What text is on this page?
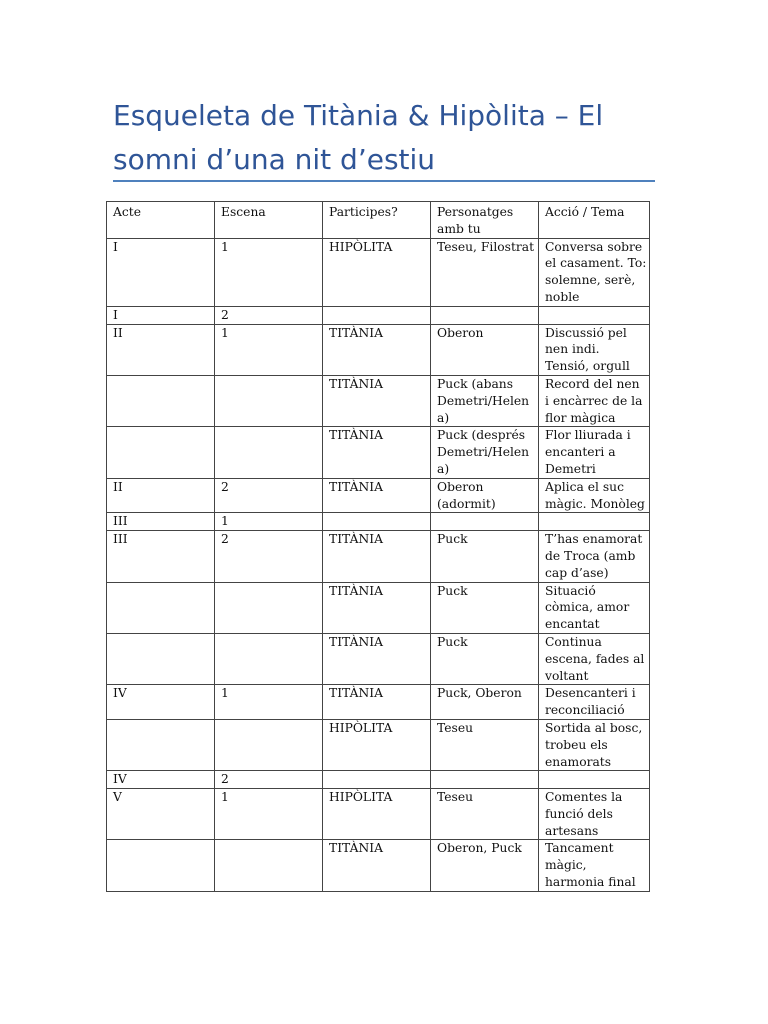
Esqueleta de Titània & Hipòlita – El somni d’una nit d’estiu
Acte	Escena	Participes?	Personatges amb tu	Acció / Tema
I	1	HIPÒLITA	Teseu, Filostrat	Conversa sobre el casament. To: solemne, serè, noble
I	2			
II	1	TITÀNIA	Oberon	Discussió pel nen indi. Tensió, orgull
		TITÀNIA	Puck (abans Demetri/Helena)	Record del nen i encàrrec de la flor màgica
		TITÀNIA	Puck (després Demetri/Helena)	Flor lliurada i encanteri a Demetri
II	2	TITÀNIA	Oberon (adormit)	Aplica el suc màgic. Monòleg
III	1			
III	2	TITÀNIA	Puck	T’has enamorat de Troca (amb cap d’ase)
		TITÀNIA	Puck	Situació còmica, amor encantat
		TITÀNIA	Puck	Continua escena, fades al voltant
IV	1	TITÀNIA	Puck, Oberon	Desencanteri i reconciliació
		HIPÒLITA	Teseu	Sortida al bosc, trobeu els enamorats
IV	2			
V	1	HIPÒLITA	Teseu	Comentes la funció dels artesans
		TITÀNIA	Oberon, Puck	Tancament màgic, harmonia final
